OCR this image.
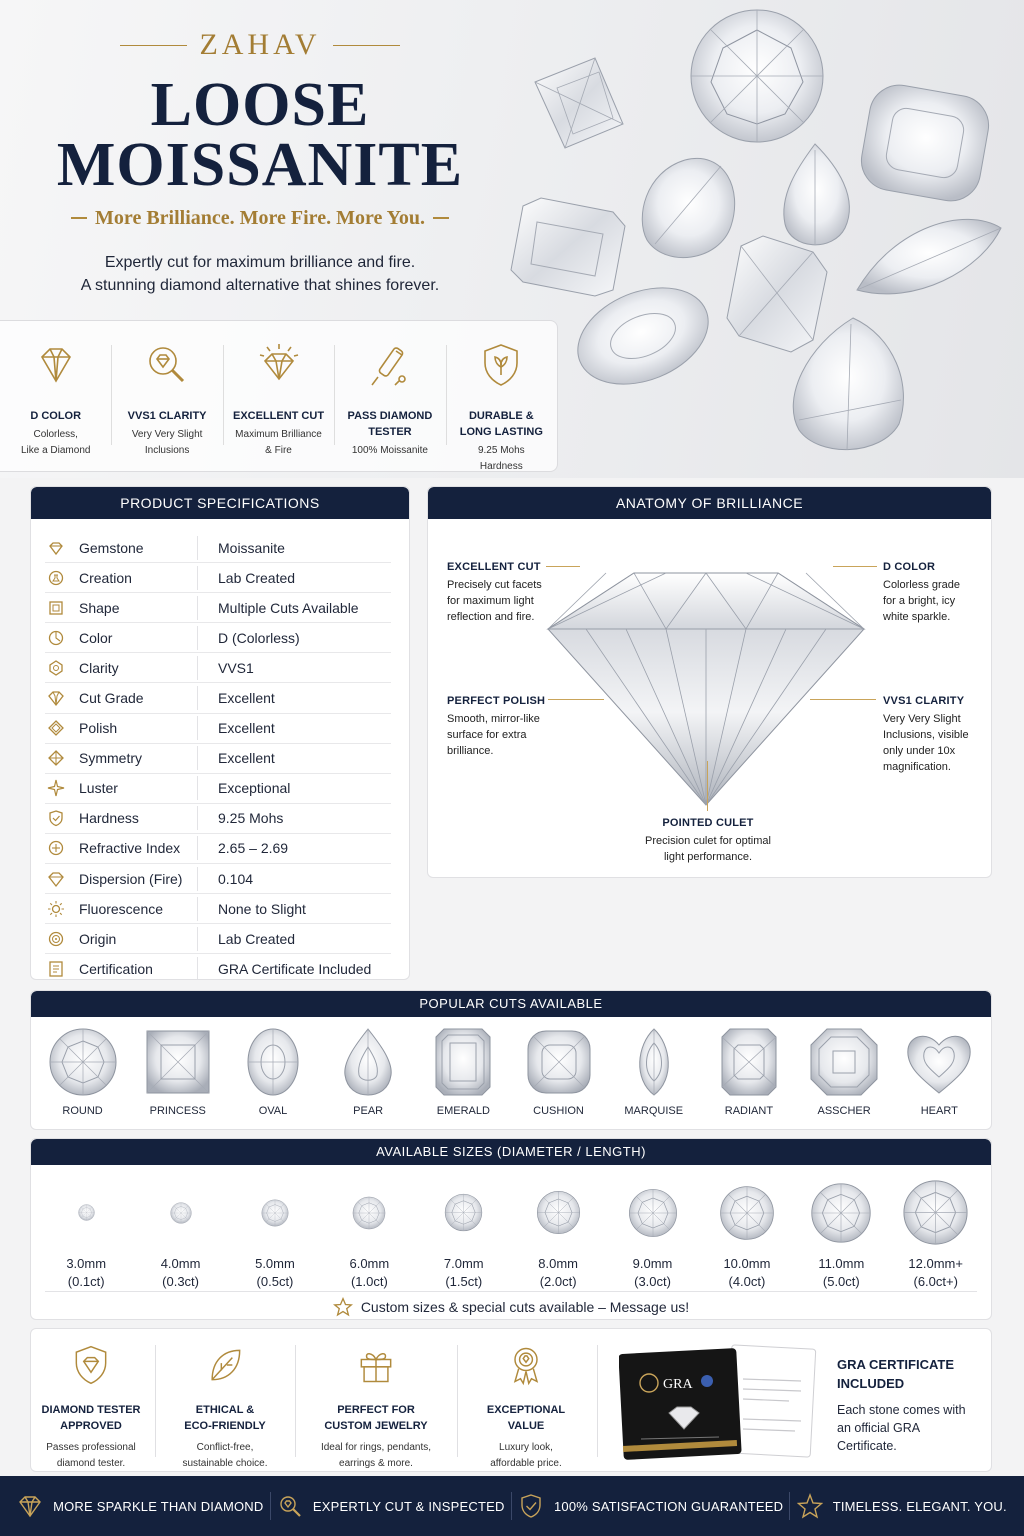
ZAHAV
LOOSE
MOISSANITE
More Brilliance. More Fire. More You.
Expertly cut for maximum brilliance and fire.
A stunning diamond alternative that shines forever.
D COLOR
Colorless,
Like a Diamond
VVS1 CLARITY
Very Very Slight
Inclusions
EXCELLENT CUT
Maximum Brilliance
& Fire
PASS DIAMOND
TESTER
100% Moissanite
DURABLE &
LONG LASTING
9.25 Mohs
Hardness
PRODUCT SPECIFICATIONS
Gemstone	Moissanite
Creation	Lab Created
Shape	Multiple Cuts Available
Color	D (Colorless)
Clarity	VVS1
Cut Grade	Excellent
Polish	Excellent
Symmetry	Excellent
Luster	Exceptional
Hardness	9.25 Mohs
Refractive Index	2.65 – 2.69
Dispersion (Fire)	0.104
Fluorescence	None to Slight
Origin	Lab Created
Certification	GRA Certificate Included
ANATOMY OF BRILLIANCE
EXCELLENT CUT
Precisely cut facets
for maximum light
reflection and fire.
D COLOR
Colorless grade
for a bright, icy
white sparkle.
PERFECT POLISH
Smooth, mirror-like
surface for extra
brilliance.
VVS1 CLARITY
Very Very Slight
Inclusions, visible
only under 10x
magnification.
POINTED CULET
Precision culet for optimal
light performance.
POPULAR CUTS AVAILABLE
ROUND	PRINCESS	OVAL	PEAR	EMERALD	CUSHION	MARQUISE	RADIANT	ASSCHER	HEART
AVAILABLE SIZES (DIAMETER / LENGTH)
3.0mm
(0.1ct)
4.0mm
(0.3ct)
5.0mm
(0.5ct)
6.0mm
(1.0ct)
7.0mm
(1.5ct)
8.0mm
(2.0ct)
9.0mm
(3.0ct)
10.0mm
(4.0ct)
11.0mm
(5.0ct)
12.0mm+
(6.0ct+)
Custom sizes & special cuts available – Message us!
DIAMOND TESTER
APPROVED
Passes professional
diamond tester.
ETHICAL &
ECO-FRIENDLY
Conflict-free,
sustainable choice.
PERFECT FOR
CUSTOM JEWELRY
Ideal for rings, pendants,
earrings & more.
EXCEPTIONAL
VALUE
Luxury look,
affordable price.
GRA
GRA CERTIFICATE
INCLUDED
Each stone comes with
an official GRA
Certificate.
MORE SPARKLE THAN DIAMOND	EXPERTLY CUT & INSPECTED	100% SATISFACTION GUARANTEED	TIMELESS. ELEGANT. YOU.
